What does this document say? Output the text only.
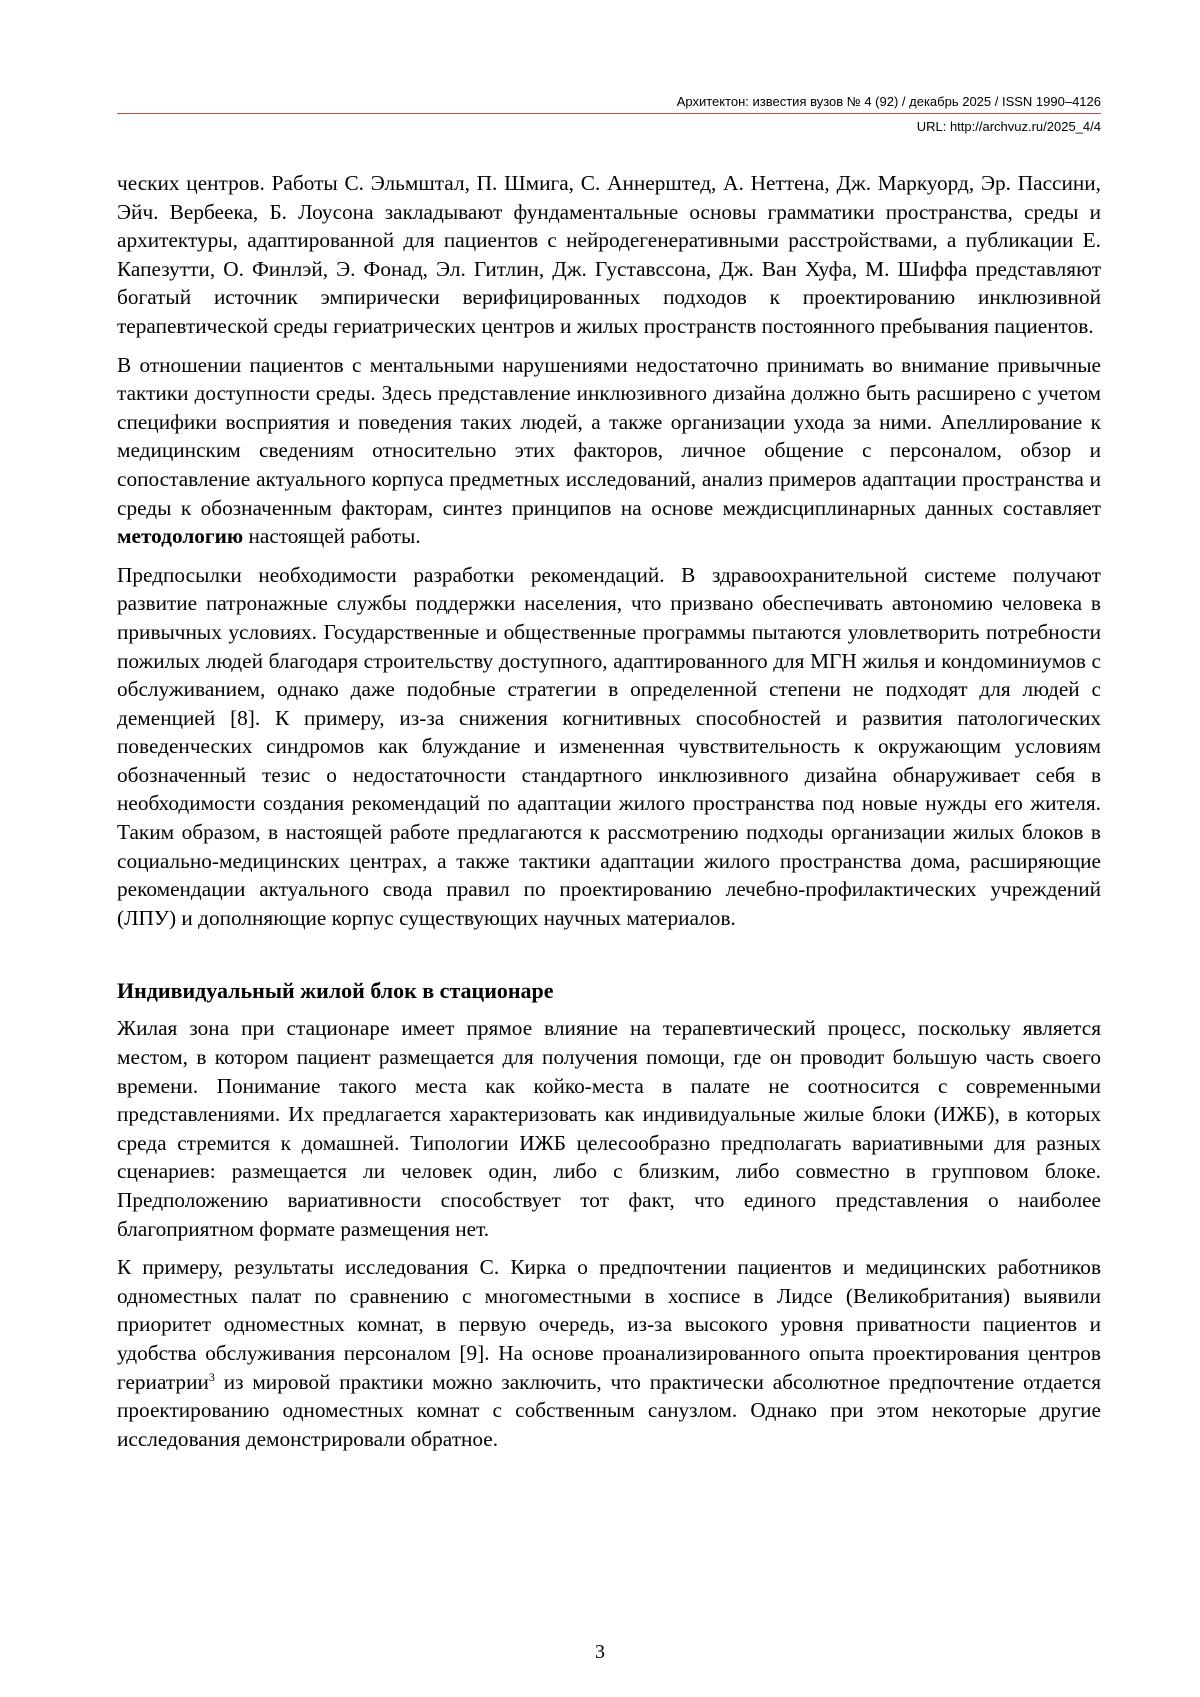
Архитектон: известия вузов № 4 (92) / декабрь 2025 / ISSN 1990–4126
URL: http://archvuz.ru/2025_4/4

ческих центров. Работы С. Эльмштал, П. Шмига, С. Аннерштед, А. Неттена, Дж. Маркуорд, Эр. Пассини, Эйч. Вербеека, Б. Лоусона закладывают фундаментальные основы грамматики пространства, среды и архитектуры, адаптированной для пациентов с нейродегенеративными расстройствами, а публикации Е. Капезутти, О. Финлэй, Э. Фонад, Эл. Гитлин, Дж. Густавссона, Дж. Ван Хуфа, М. Шиффа представляют богатый источник эмпирически верифицированных подходов к проектированию инклюзивной терапевтической среды гериатрических центров и жилых пространств постоянного пребывания пациентов.

В отношении пациентов с ментальными нарушениями недостаточно принимать во внимание привычные тактики доступности среды. Здесь представление инклюзивного дизайна должно быть расширено с учетом специфики восприятия и поведения таких людей, а также организации ухода за ними. Апеллирование к медицинским сведениям относительно этих факторов, личное общение с персоналом, обзор и сопоставление актуального корпуса предметных исследований, анализ примеров адаптации пространства и среды к обозначенным факторам, синтез принципов на основе междисциплинарных данных составляет методологию настоящей работы.

Предпосылки необходимости разработки рекомендаций. В здравоохранительной системе получают развитие патронажные службы поддержки населения, что призвано обеспечивать автономию человека в привычных условиях. Государственные и общественные программы пытаются уловлетворить потребности пожилых людей благодаря строительству доступного, адаптированного для МГН жилья и кондоминиумов с обслуживанием, однако даже подобные стратегии в определенной степени не подходят для людей с деменцией [8]. К примеру, из-за снижения когнитивных способностей и развития патологических поведенческих синдромов как блуждание и измененная чувствительность к окружающим условиям обозначенный тезис о недостаточности стандартного инклюзивного дизайна обнаруживает себя в необходимости создания рекомендаций по адаптации жилого пространства под новые нужды его жителя. Таким образом, в настоящей работе предлагаются к рассмотрению подходы организации жилых блоков в социально-медицинских центрах, а также тактики адаптации жилого пространства дома, расширяющие рекомендации актуального свода правил по проектированию лечебно-профилактических учреждений (ЛПУ) и дополняющие корпус существующих научных материалов.

Индивидуальный жилой блок в стационаре

Жилая зона при стационаре имеет прямое влияние на терапевтический процесс, поскольку является местом, в котором пациент размещается для получения помощи, где он проводит большую часть своего времени. Понимание такого места как койко-места в палате не соотносится с современными представлениями. Их предлагается характеризовать как индивидуальные жилые блоки (ИЖБ), в которых среда стремится к домашней. Типологии ИЖБ целесообразно предполагать вариативными для разных сценариев: размещается ли человек один, либо с близким, либо совместно в групповом блоке. Предположению вариативности способствует тот факт, что единого представления о наиболее благоприятном формате размещения нет.

К примеру, результаты исследования С. Кирка о предпочтении пациентов и медицинских работников одноместных палат по сравнению с многоместными в хосписе в Лидсе (Великобритания) выявили приоритет одноместных комнат, в первую очередь, из-за высокого уровня приватности пациентов и удобства обслуживания персоналом [9]. На основе проанализированного опыта проектирования центров гериатрии$^3$ из мировой практики можно заключить, что практически абсолютное предпочтение отдается проектированию одноместных комнат с собственным санузлом. Однако при этом некоторые другие исследования демонстрировали обратное.

3
